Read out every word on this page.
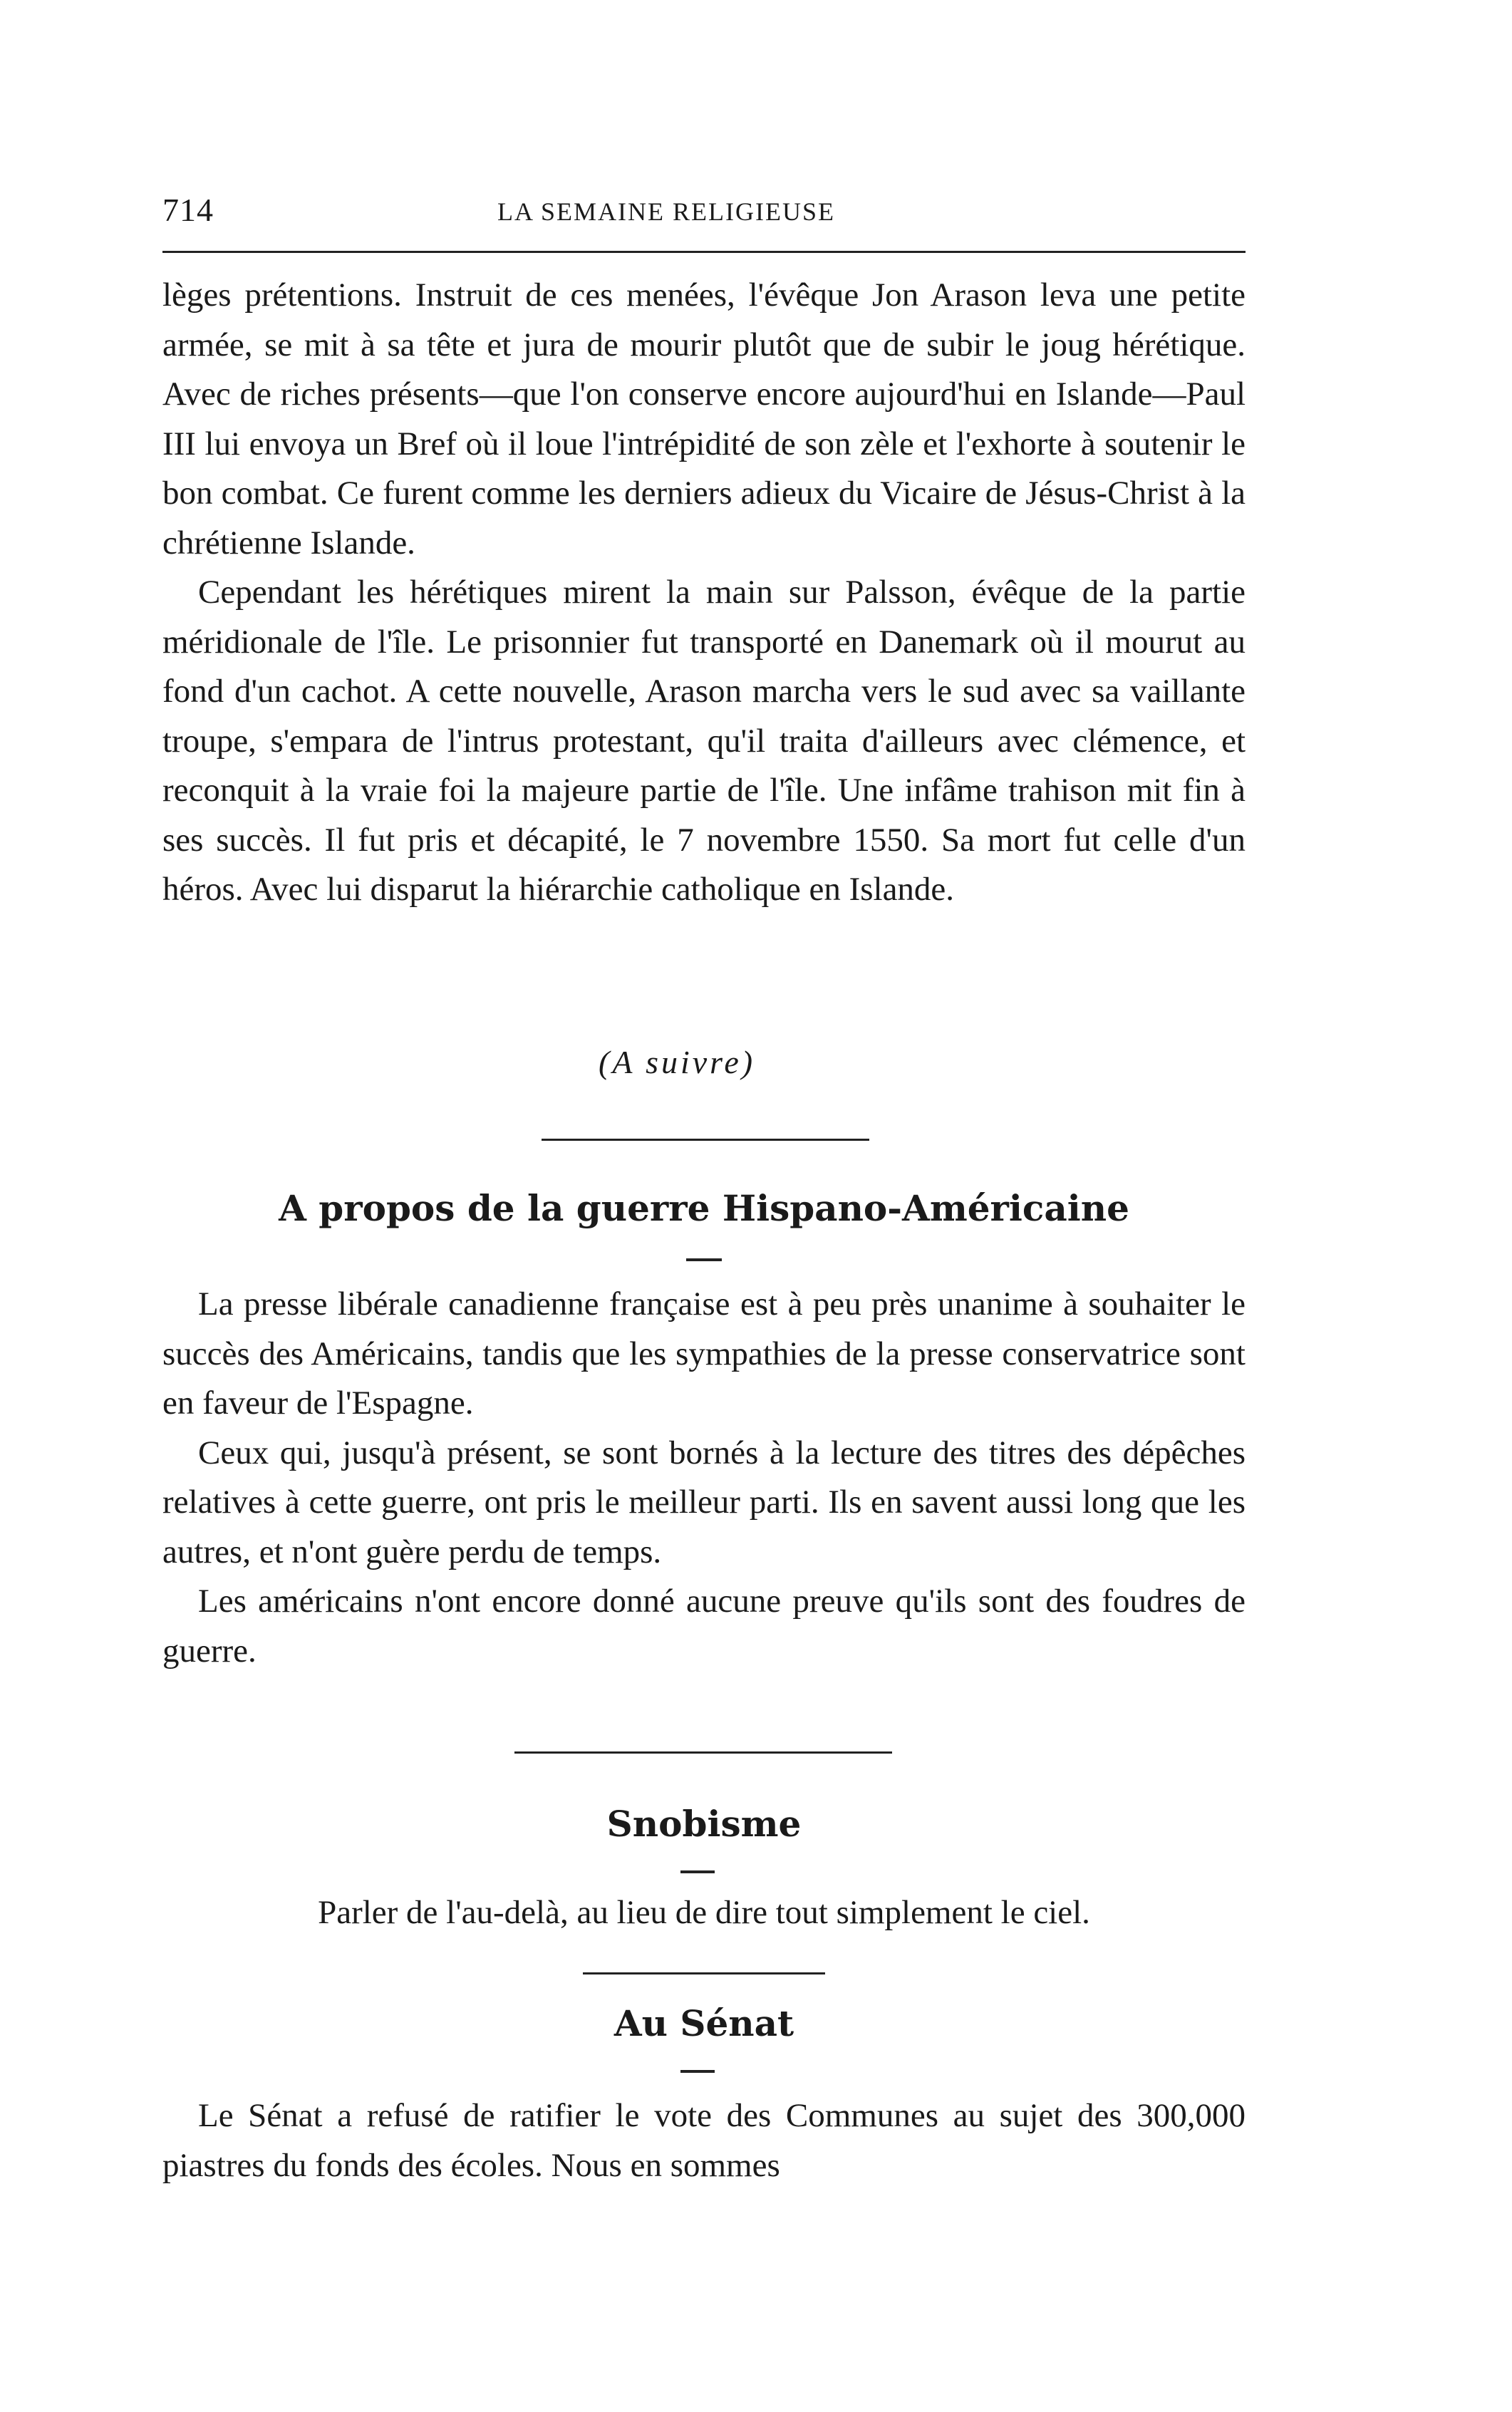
714	LA SEMAINE RELIGIEUSE

lèges prétentions. Instruit de ces menées, l'évêque Jon Arason leva une petite armée, se mit à sa tête et jura de mourir plutôt que de subir le joug hérétique. Avec de riches présents—que l'on conserve encore aujourd'hui en Islande—Paul III lui envoya un Bref où il loue l'intrépidité de son zèle et l'exhorte à soutenir le bon combat. Ce furent comme les derniers adieux du Vicaire de Jésus-Christ à la chrétienne Islande.

Cependant les hérétiques mirent la main sur Palsson, évêque de la partie méridionale de l'île. Le prisonnier fut transporté en Danemark où il mourut au fond d'un cachot. A cette nouvelle, Arason marcha vers le sud avec sa vaillante troupe, s'empara de l'intrus protestant, qu'il traita d'ailleurs avec clémence, et reconquit à la vraie foi la majeure partie de l'île. Une infâme trahison mit fin à ses succès. Il fut pris et décapité, le 7 novembre 1550. Sa mort fut celle d'un héros. Avec lui disparut la hiérarchie catholique en Islande.

(A suivre)
A propos de la guerre Hispano-Américaine

La presse libérale canadienne française est à peu près unanime à souhaiter le succès des Américains, tandis que les sympathies de la presse conservatrice sont en faveur de l'Espagne.

Ceux qui, jusqu'à présent, se sont bornés à la lecture des titres des dépêches relatives à cette guerre, ont pris le meilleur parti. Ils en savent aussi long que les autres, et n'ont guère perdu de temps.

Les américains n'ont encore donné aucune preuve qu'ils sont des foudres de guerre.

Snobisme

Parler de l'au-delà, au lieu de dire tout simplement le ciel.

Au Sénat

Le Sénat a refusé de ratifier le vote des Communes au sujet des 300,000 piastres du fonds des écoles. Nous en sommes
